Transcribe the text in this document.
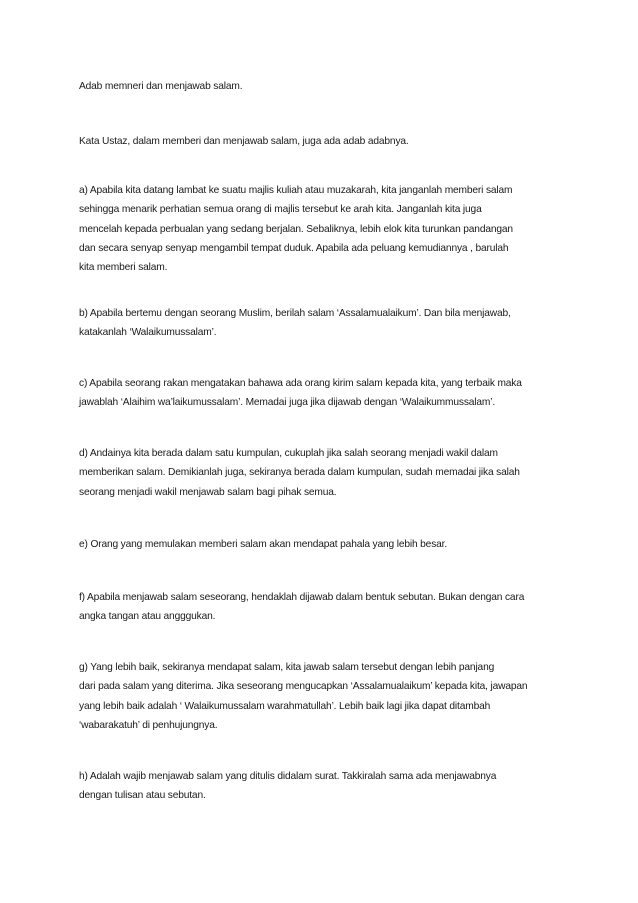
Adab memneri dan menjawab salam.

Kata Ustaz, dalam memberi dan menjawab salam, juga ada adab adabnya.

a) Apabila kita datang lambat ke suatu majlis kuliah atau muzakarah, kita janganlah memberi salam
sehingga menarik perhatian semua orang di majlis tersebut ke arah kita. Janganlah kita juga
mencelah kepada perbualan yang sedang berjalan. Sebaliknya, lebih elok kita turunkan pandangan
dan secara senyap senyap mengambil tempat duduk. Apabila ada peluang kemudiannya , barulah
kita memberi salam.

b) Apabila bertemu dengan seorang Muslim, berilah salam ‘Assalamualaikum’. Dan bila menjawab,
katakanlah ‘Walaikumussalam’.

c) Apabila seorang rakan mengatakan bahawa ada orang kirim salam kepada kita, yang terbaik maka
jawablah ‘Alaihim wa’laikumussalam’. Memadai juga jika dijawab dengan ‘Walaikummussalam’.

d) Andainya kita berada dalam satu kumpulan, cukuplah jika salah seorang menjadi wakil dalam
memberikan salam. Demikianlah juga, sekiranya berada dalam kumpulan, sudah memadai jika salah
seorang menjadi wakil menjawab salam bagi pihak semua.

e) Orang yang memulakan memberi salam akan mendapat pahala yang lebih besar.

f) Apabila menjawab salam seseorang, hendaklah dijawab dalam bentuk sebutan. Bukan dengan cara
angka tangan atau angggukan.

g) Yang lebih baik, sekiranya mendapat salam, kita jawab salam tersebut dengan lebih panjang
dari pada salam yang diterima. Jika seseorang mengucapkan ‘Assalamualaikum’ kepada kita, jawapan
yang lebih baik adalah ‘ Walaikumussalam warahmatullah’. Lebih baik lagi jika dapat ditambah
‘wabarakatuh’ di penhujungnya.

h) Adalah wajib menjawab salam yang ditulis didalam surat. Takkiralah sama ada menjawabnya
dengan tulisan atau sebutan.
